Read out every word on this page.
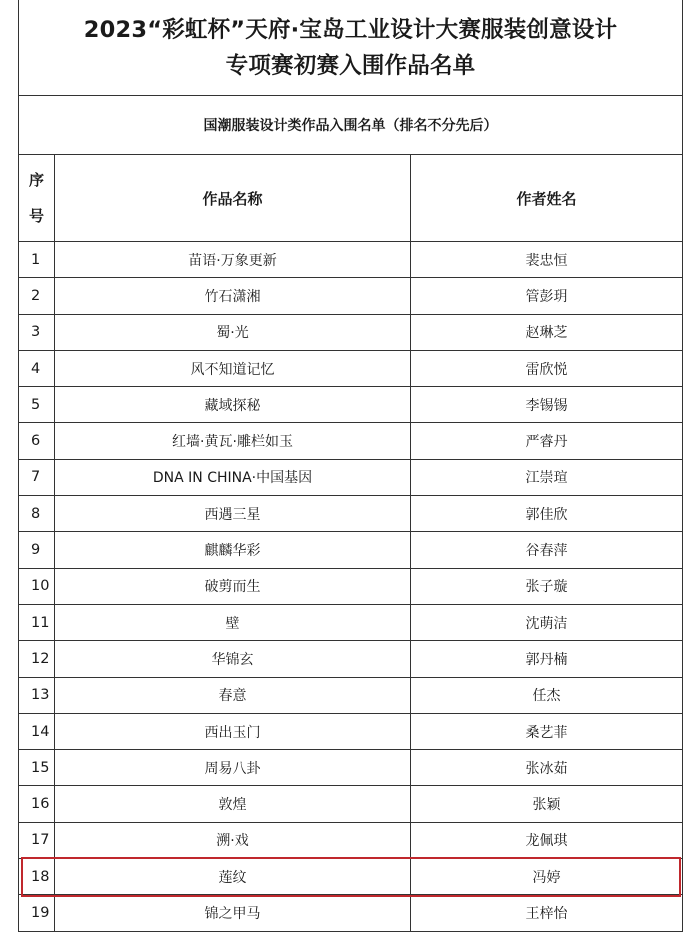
2023“彩虹杯”天府·宝岛工业设计大赛服装创意设计
专项赛初赛入围作品名单		

国潮服装设计类作品入围名单（排名不分先后）		

序
号	作品名称	作者姓名
1	苗语·万象更新	裴忠恒
2	竹石潇湘	管彭玥
3	蜀·光	赵琳芝
4	风不知道记忆	雷欣悦
5	藏域探秘	李锡锡
6	红墙·黄瓦·雕栏如玉	严睿丹
7	DNA IN CHINA·中国基因	江崇瑄
8	西遇三星	郭佳欣
9	麒麟华彩	谷春萍
10	破剪而生	张子璇
11	壁	沈萌洁
12	华锦玄	郭丹楠
13	春意	任杰
14	西出玉门	桑艺菲
15	周易八卦	张冰茹
16	敦煌	张颖
17	溯·戏	龙佩琪
18	莲纹	冯婷
19	锦之甲马	王梓怡
